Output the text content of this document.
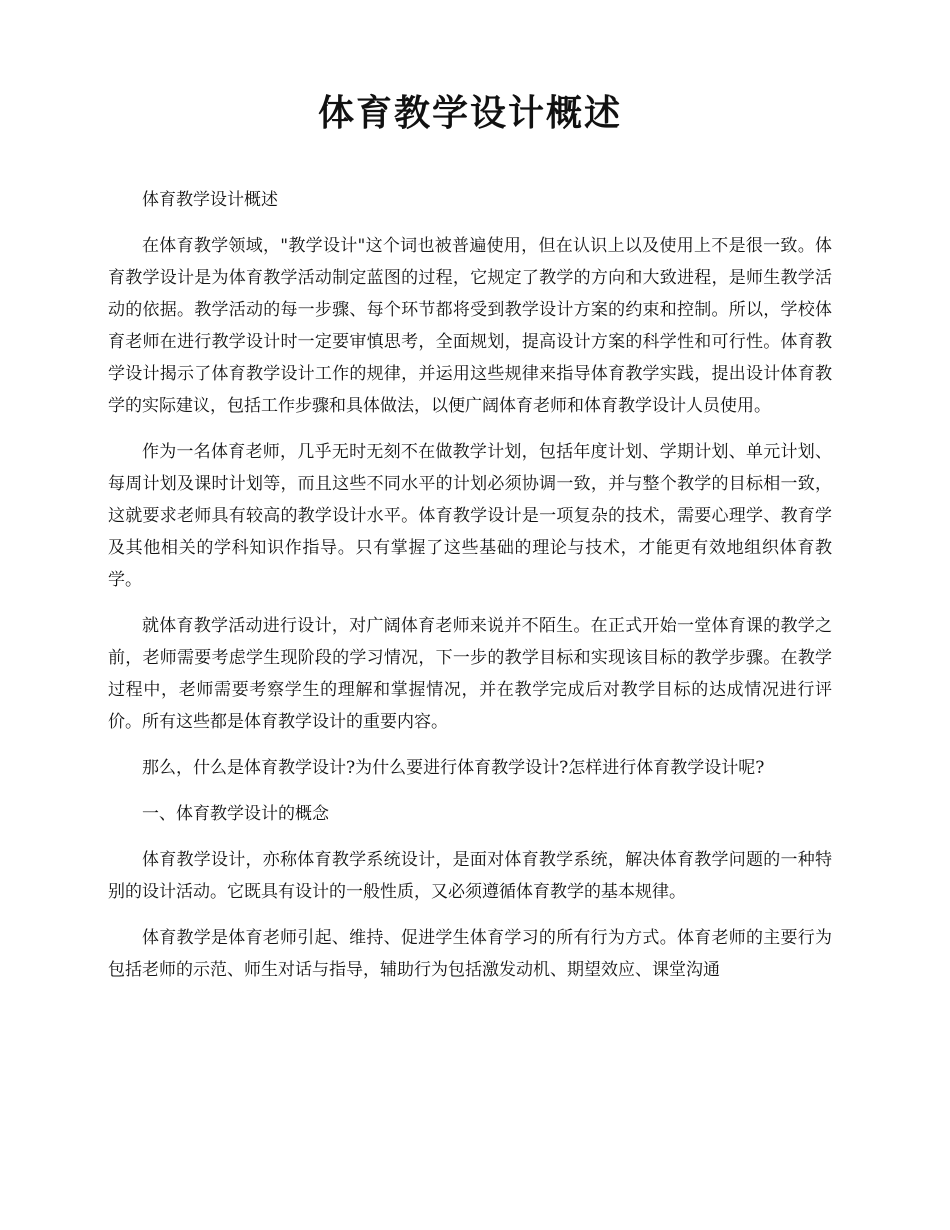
体育教学设计概述

体育教学设计概述

在体育教学领域，"教学设计"这个词也被普遍使用，但在认识上以及使用上不是很一致。体育教学设计是为体育教学活动制定蓝图的过程，它规定了教学的方向和大致进程，是师生教学活动的依据。教学活动的每一步骤、每个环节都将受到教学设计方案的约束和控制。所以，学校体育老师在进行教学设计时一定要审慎思考，全面规划，提高设计方案的科学性和可行性。体育教学设计揭示了体育教学设计工作的规律，并运用这些规律来指导体育教学实践，提出设计体育教学的实际建议，包括工作步骤和具体做法，以便广阔体育老师和体育教学设计人员使用。

作为一名体育老师，几乎无时无刻不在做教学计划，包括年度计划、学期计划、单元计划、每周计划及课时计划等，而且这些不同水平的计划必须协调一致，并与整个教学的目标相一致，这就要求老师具有较高的教学设计水平。体育教学设计是一项复杂的技术，需要心理学、教育学及其他相关的学科知识作指导。只有掌握了这些基础的理论与技术，才能更有效地组织体育教学。

就体育教学活动进行设计，对广阔体育老师来说并不陌生。在正式开始一堂体育课的教学之前，老师需要考虑学生现阶段的学习情况，下一步的教学目标和实现该目标的教学步骤。在教学过程中，老师需要考察学生的理解和掌握情况，并在教学完成后对教学目标的达成情况进行评价。所有这些都是体育教学设计的重要内容。

那么，什么是体育教学设计?为什么要进行体育教学设计?怎样进行体育教学设计呢?

一、体育教学设计的概念

体育教学设计，亦称体育教学系统设计，是面对体育教学系统，解决体育教学问题的一种特别的设计活动。它既具有设计的一般性质，又必须遵循体育教学的基本规律。

体育教学是体育老师引起、维持、促进学生体育学习的所有行为方式。体育老师的主要行为包括老师的示范、师生对话与指导，辅助行为包括激发动机、期望效应、课堂沟通
